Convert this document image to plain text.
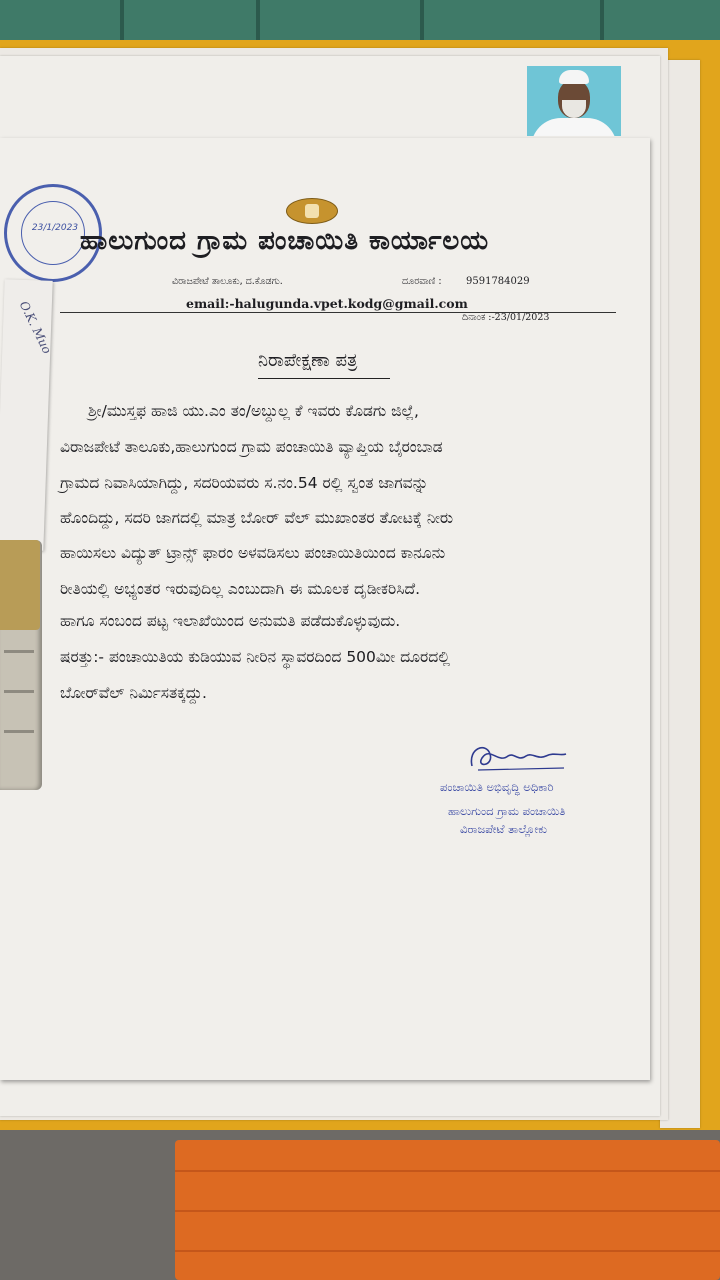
23/1/2023 ಹಾಲುಗುಂದ ಗ್ರಾಮ ಪಂಚಾಯಿತಿ ಕಾರ್ಯಾಲಯ
ವಿರಾಜಪೇಟೆ ತಾಲೂಕು, ದ.ಕೊಡಗು.	ದೂರವಾಣಿ : 9591784029
email:-halugunda.vpet.kodg@gmail.com
ದಿನಾಂಕ :-23/01/2023
ನಿರಾಪೇಕ್ಷಣಾ ಪತ್ರ
ಶ್ರೀ/ಮುಸ್ತಫ ಹಾಜಿ ಯು.ಎಂ ತಂ/ಅಬ್ದುಲ್ಲ ಕೆ ಇವರು ಕೊಡಗು ಜಿಲ್ಲೆ,
ವಿರಾಜಪೇಟೆ ತಾಲೂಕು,ಹಾಲುಗುಂದ ಗ್ರಾಮ ಪಂಚಾಯಿತಿ ವ್ಯಾಪ್ತಿಯ ಬೈರಂಬಾಡ
ಗ್ರಾಮದ ನಿವಾಸಿಯಾಗಿದ್ದು, ಸದರಿಯವರು ಸ.ನಂ.54 ರಲ್ಲಿ ಸ್ವಂತ ಜಾಗವನ್ನು
ಹೊಂದಿದ್ದು, ಸದರಿ ಜಾಗದಲ್ಲಿ ಮಾತ್ರ ಬೋರ್ ವೆಲ್ ಮುಖಾಂತರ ತೋಟಕ್ಕೆ ನೀರು
ಹಾಯಿಸಲು ವಿದ್ಯುತ್ ಟ್ರಾನ್ಸ್ ಫಾರಂ ಅಳವಡಿಸಲು ಪಂಚಾಯಿತಿಯಿಂದ ಕಾನೂನು
ರೀತಿಯಲ್ಲಿ ಅಭ್ಯಂತರ ಇರುವುದಿಲ್ಲ ಎಂಬುದಾಗಿ ಈ ಮೂಲಕ ದೃಡೀಕರಿಸಿದೆ.
ಹಾಗೂ ಸಂಬಂದ ಪಟ್ಟ ಇಲಾಖೆಯಿಂದ ಅನುಮತಿ ಪಡೆದುಕೊಳ್ಳುವುದು.
ಷರತ್ತು:- ಪಂಚಾಯಿತಿಯ ಕುಡಿಯುವ ನೀರಿನ ಸ್ಥಾವರದಿಂದ 500ಮೀ ದೂರದಲ್ಲಿ
ಬೋರ್‌ವೆಲ್ ನಿರ್ಮಿಸತಕ್ಕದ್ದು.
ಪಂಚಾಯಿತಿ ಅಭಿವೃದ್ಧಿ ಅಧಿಕಾರಿ
ಹಾಲುಗುಂದ ಗ್ರಾಮ ಪಂಚಾಯಿತಿ
ವಿರಾಜಪೇಟೆ ತಾಲ್ಲೋಕು
O.K. Muo
